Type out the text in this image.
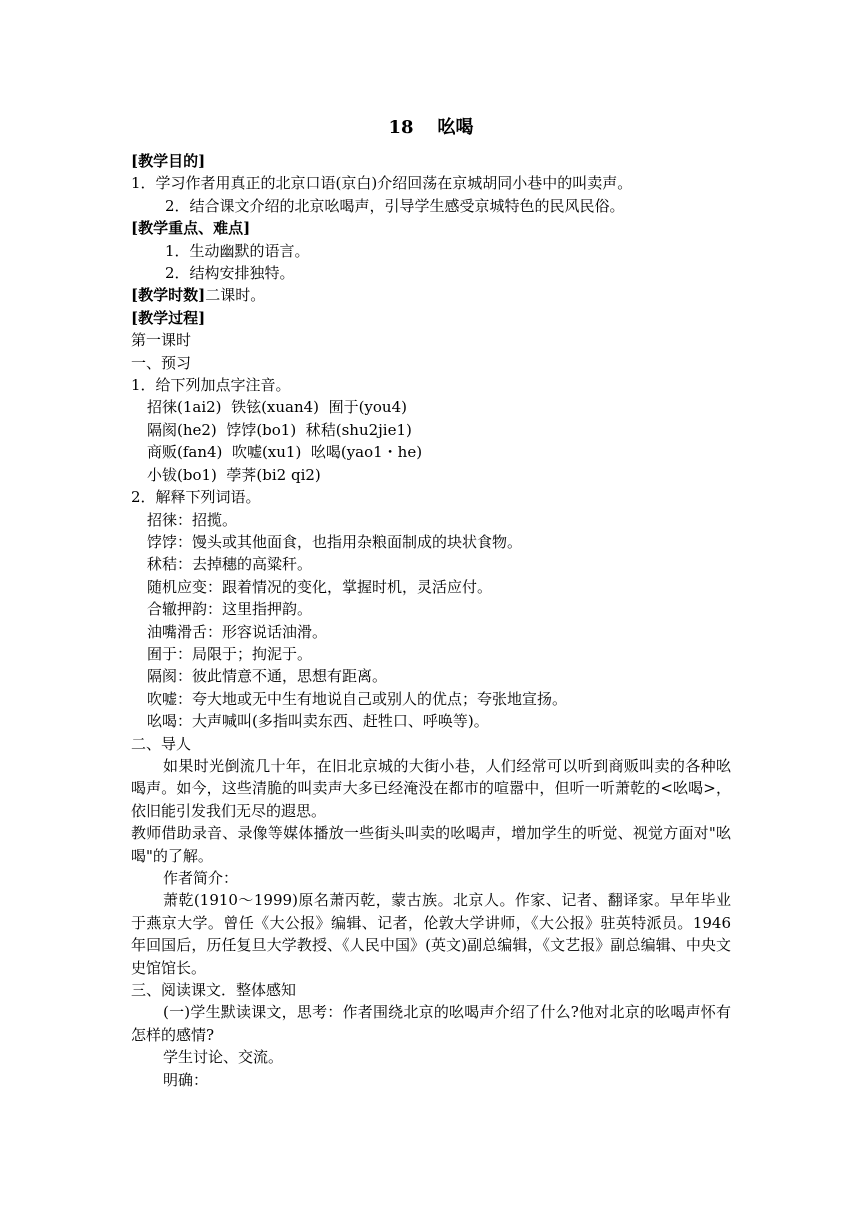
18 吆喝
[教学目的]
1．学习作者用真正的北京口语(京白)介绍回荡在京城胡同小巷中的叫卖声。
2．结合课文介绍的北京吆喝声，引导学生感受京城特色的民风民俗。
[教学重点、难点]
1．生动幽默的语言。
2．结构安排独特。
[教学时数]二课时。
[教学过程]
第一课时
一、预习
1．给下列加点字注音。
招徕(1ai2)  铁铉(xuan4)  囿于(you4)
隔阂(he2)  饽饽(bo1)  秫秸(shu2jie1)
商贩(fan4)  吹嘘(xu1)  吆喝(yao1・he)
小钹(bo1)  荸荠(bi2 qi2)
2．解释下列词语。
招徕：招揽。
饽饽：馒头或其他面食，也指用杂粮面制成的块状食物。
秫秸：去掉穗的高粱秆。
随机应变：跟着情况的变化，掌握时机，灵活应付。
合辙押韵：这里指押韵。
油嘴滑舌：形容说话油滑。
囿于：局限于；拘泥于。
隔阂：彼此情意不通，思想有距离。
吹嘘：夸大地或无中生有地说自己或别人的优点；夸张地宣扬。
吆喝：大声喊叫(多指叫卖东西、赶牲口、呼唤等)。
二、导人
如果时光倒流几十年，在旧北京城的大街小巷，人们经常可以听到商贩叫卖的各种吆喝声。如今，这些清脆的叫卖声大多已经淹没在都市的喧嚣中，但听一听萧乾的<吆喝>，依旧能引发我们无尽的遐思。
教师借助录音、录像等媒体播放一些街头叫卖的吆喝声，增加学生的听觉、视觉方面对"吆喝"的了解。
作者简介：
萧乾(1910～1999)原名萧丙乾，蒙古族。北京人。作家、记者、翻译家。早年毕业于燕京大学。曾任《大公报》编辑、记者，伦敦大学讲师，《大公报》驻英特派员。1946年回国后，历任复旦大学教授、《人民中国》(英文)副总编辑，《文艺报》副总编辑、中央文史馆馆长。
三、阅读课文．整体感知
(一)学生默读课文，思考：作者围绕北京的吆喝声介绍了什么?他对北京的吆喝声怀有怎样的感情?
学生讨论、交流。
明确：
